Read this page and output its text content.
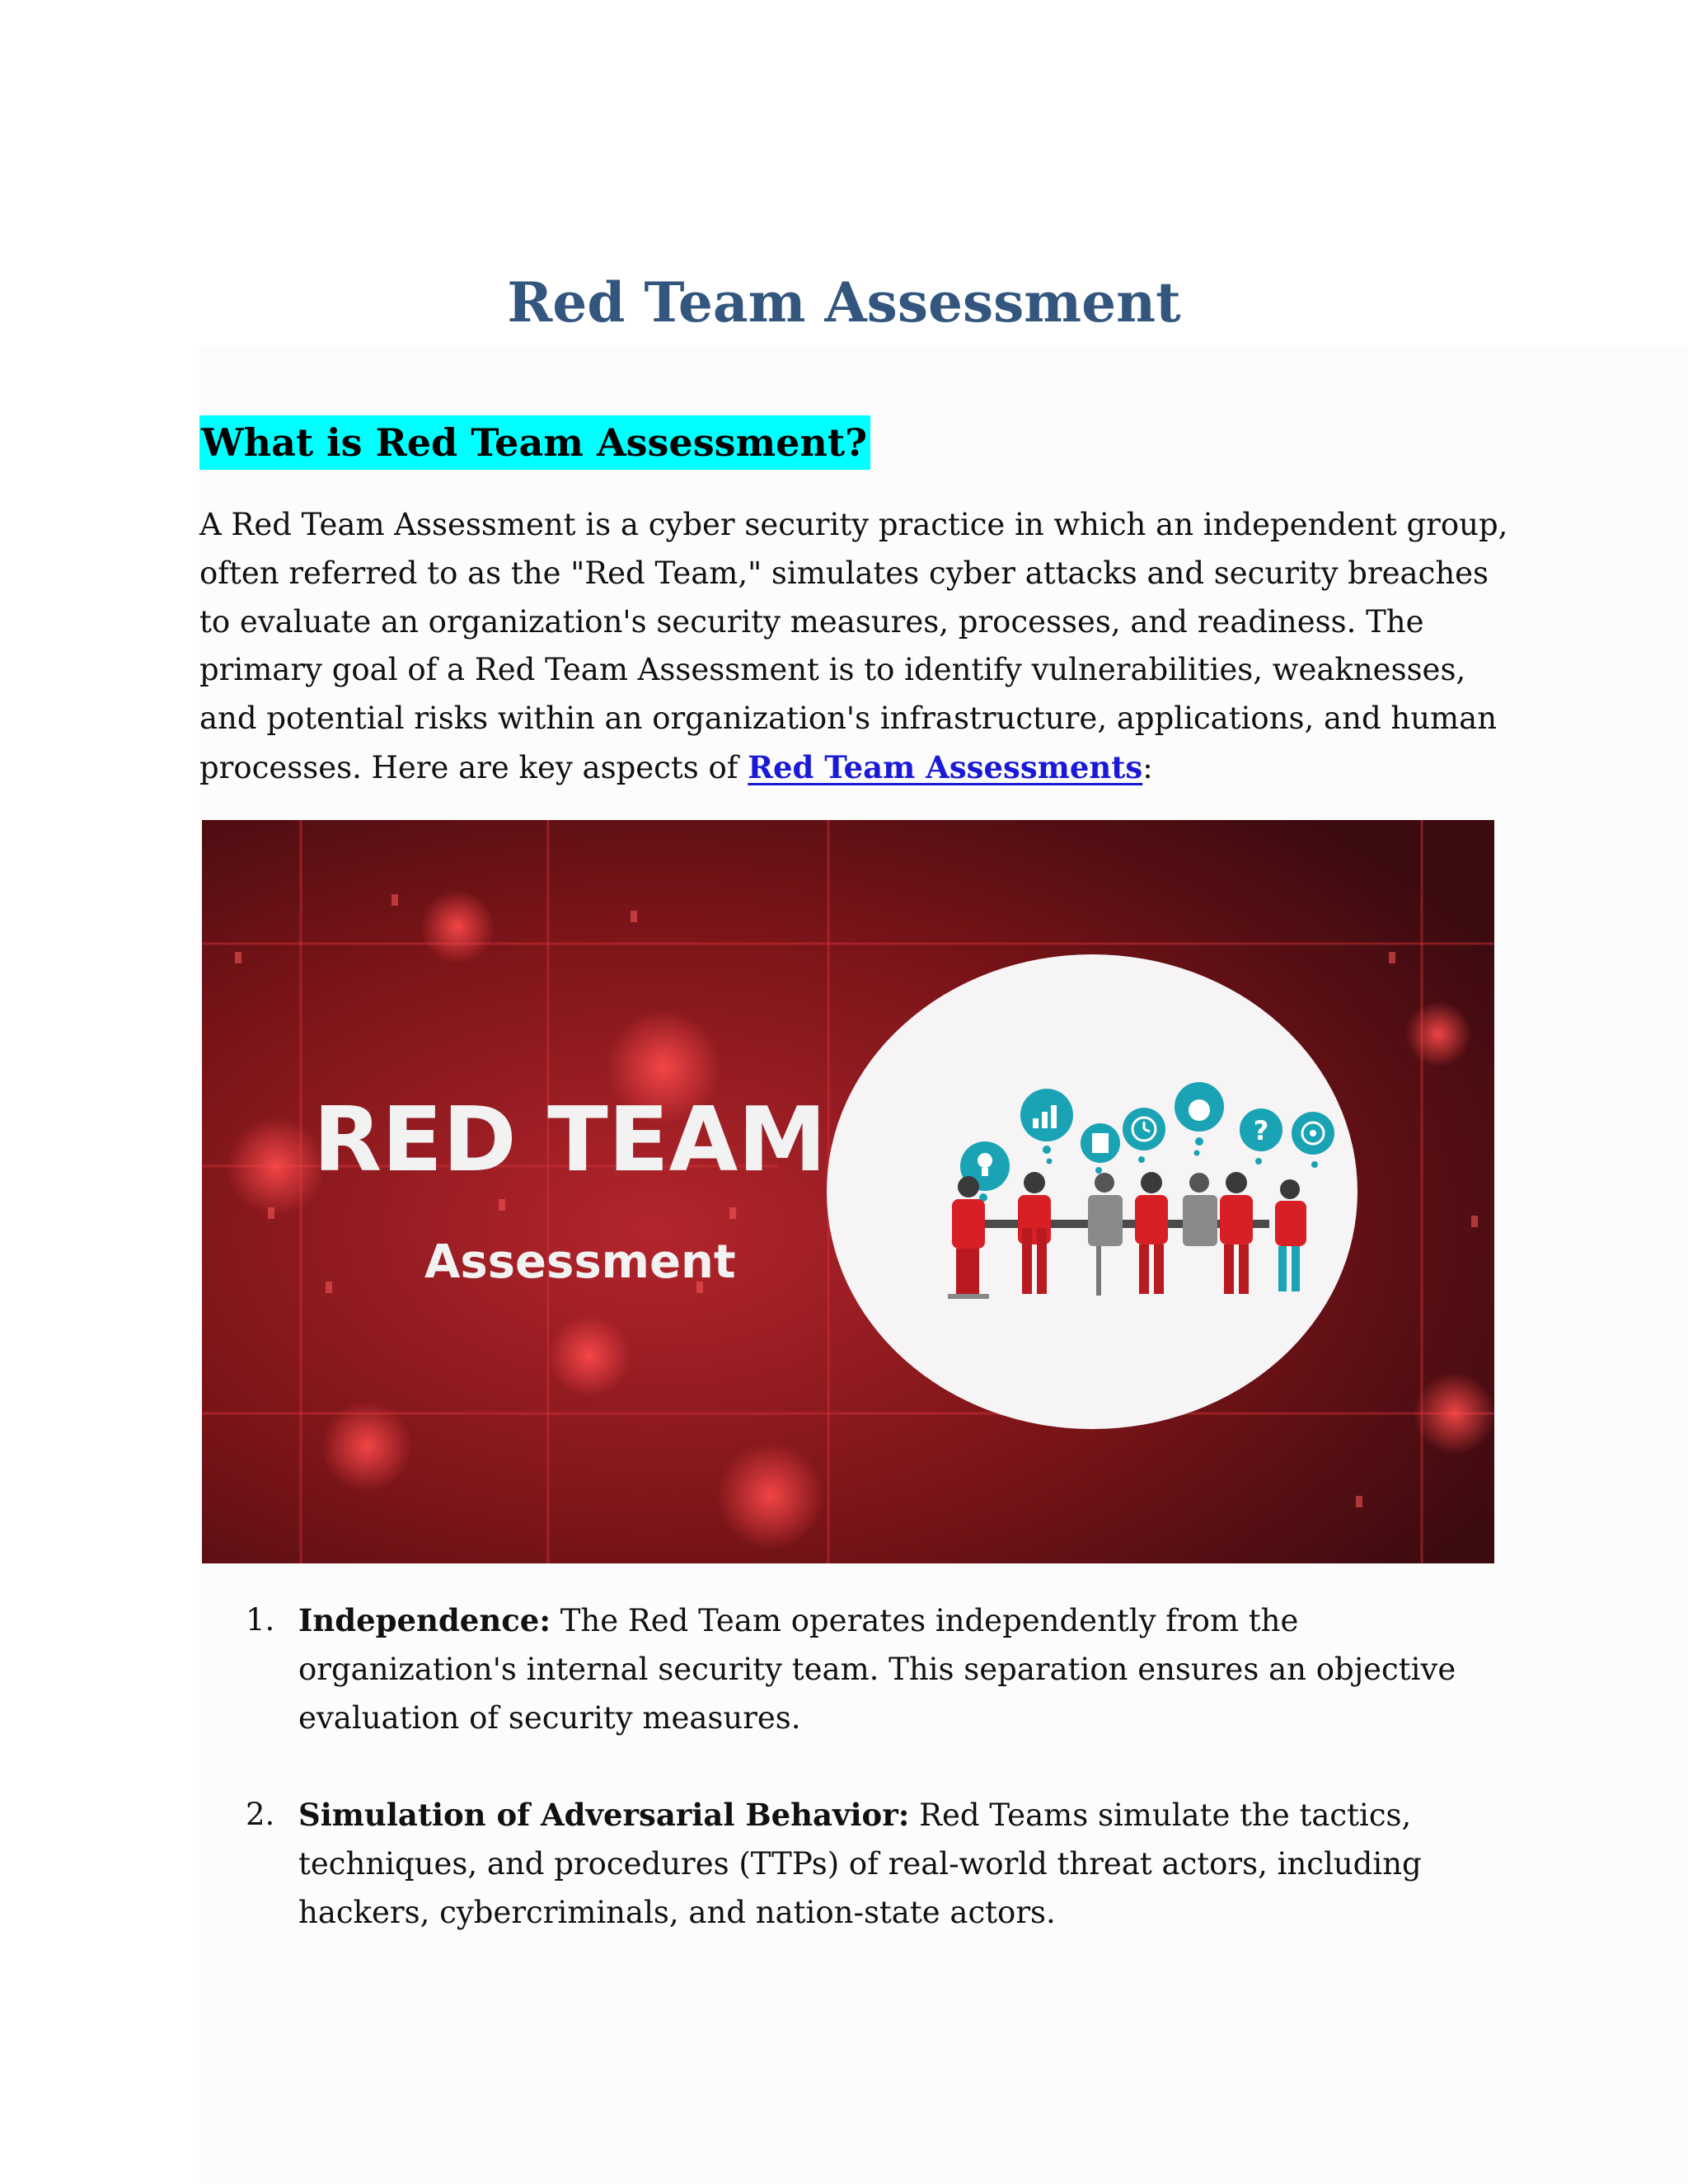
Red Team Assessment
What is Red Team Assessment?

A Red Team Assessment is a cyber security practice in which an independent group,
often referred to as the "Red Team," simulates cyber attacks and security breaches
to evaluate an organization's security measures, processes, and readiness. The
primary goal of a Red Team Assessment is to identify vulnerabilities, weaknesses,
and potential risks within an organization's infrastructure, applications, and human
processes. Here are key aspects of Red Team Assessments:

RED TEAM
Assessment
?
1. Independence: The Red Team operates independently from the
organization's internal security team. This separation ensures an objective
evaluation of security measures.
2. Simulation of Adversarial Behavior: Red Teams simulate the tactics,
techniques, and procedures (TTPs) of real-world threat actors, including
hackers, cybercriminals, and nation-state actors.
